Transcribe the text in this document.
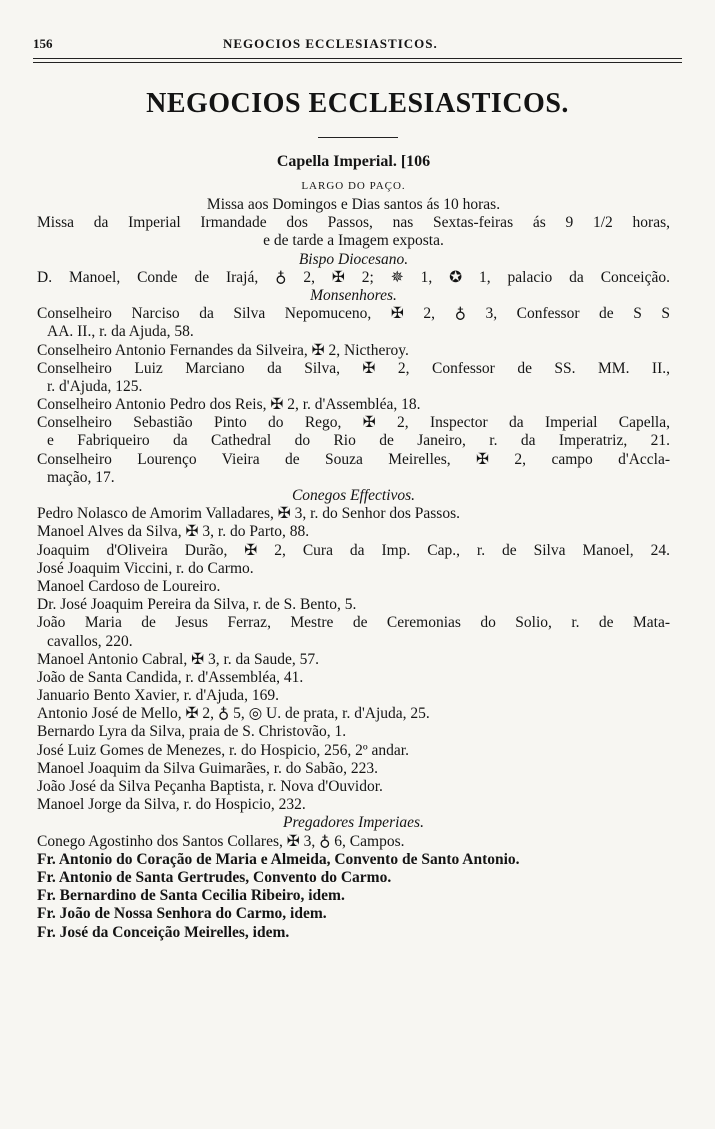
156	NEGOCIOS ECCLESIASTICOS.
NEGOCIOS ECCLESIASTICOS.
Capella Imperial. [106
LARGO DO PAÇO.
Missa aos Domingos e Dias santos ás 10 horas.
Missa da Imperial Irmandade dos Passos, nas Sextas-feiras ás 9 1/2 horas,
e de tarde a Imagem exposta.
Bispo Diocesano.
D. Manoel, Conde de Irajá, ♁ 2, ✠ 2; ✵ 1, ✪ 1, palacio da Conceição.
Monsenhores.
Conselheiro Narciso da Silva Nepomuceno, ✠ 2, ♁ 3, Confessor de S S
AA. II., r. da Ajuda, 58.
Conselheiro Antonio Fernandes da Silveira, ✠ 2, Nictheroy.
Conselheiro Luiz Marciano da Silva, ✠ 2, Confessor de SS. MM. II.,
r. d'Ajuda, 125.
Conselheiro Antonio Pedro dos Reis, ✠ 2, r. d'Assembléa, 18.
Conselheiro Sebastião Pinto do Rego, ✠ 2, Inspector da Imperial Capella,
e Fabriqueiro da Cathedral do Rio de Janeiro, r. da Imperatriz, 21.
Conselheiro Lourenço Vieira de Souza Meirelles, ✠ 2, campo d'Accla-
mação, 17.
Conegos Effectivos.
Pedro Nolasco de Amorim Valladares, ✠ 3, r. do Senhor dos Passos.
Manoel Alves da Silva, ✠ 3, r. do Parto, 88.
Joaquim d'Oliveira Durão, ✠ 2, Cura da Imp. Cap., r. de Silva Manoel, 24.
José Joaquim Viccini, r. do Carmo.
Manoel Cardoso de Loureiro.
Dr. José Joaquim Pereira da Silva, r. de S. Bento, 5.
João Maria de Jesus Ferraz, Mestre de Ceremonias do Solio, r. de Mata-
cavallos, 220.
Manoel Antonio Cabral, ✠ 3, r. da Saude, 57.
João de Santa Candida, r. d'Assembléa, 41.
Januario Bento Xavier, r. d'Ajuda, 169.
Antonio José de Mello, ✠ 2, ♁ 5, ◎ U. de prata, r. d'Ajuda, 25.
Bernardo Lyra da Silva, praia de S. Christovão, 1.
José Luiz Gomes de Menezes, r. do Hospicio, 256, 2º andar.
Manoel Joaquim da Silva Guimarães, r. do Sabão, 223.
João José da Silva Peçanha Baptista, r. Nova d'Ouvidor.
Manoel Jorge da Silva, r. do Hospicio, 232.
Pregadores Imperiaes.
Conego Agostinho dos Santos Collares, ✠ 3, ♁ 6, Campos.
Fr. Antonio do Coração de Maria e Almeida, Convento de Santo Antonio.
Fr. Antonio de Santa Gertrudes, Convento do Carmo.
Fr. Bernardino de Santa Cecilia Ribeiro, idem.
Fr. João de Nossa Senhora do Carmo, idem.
Fr. José da Conceição Meirelles, idem.
